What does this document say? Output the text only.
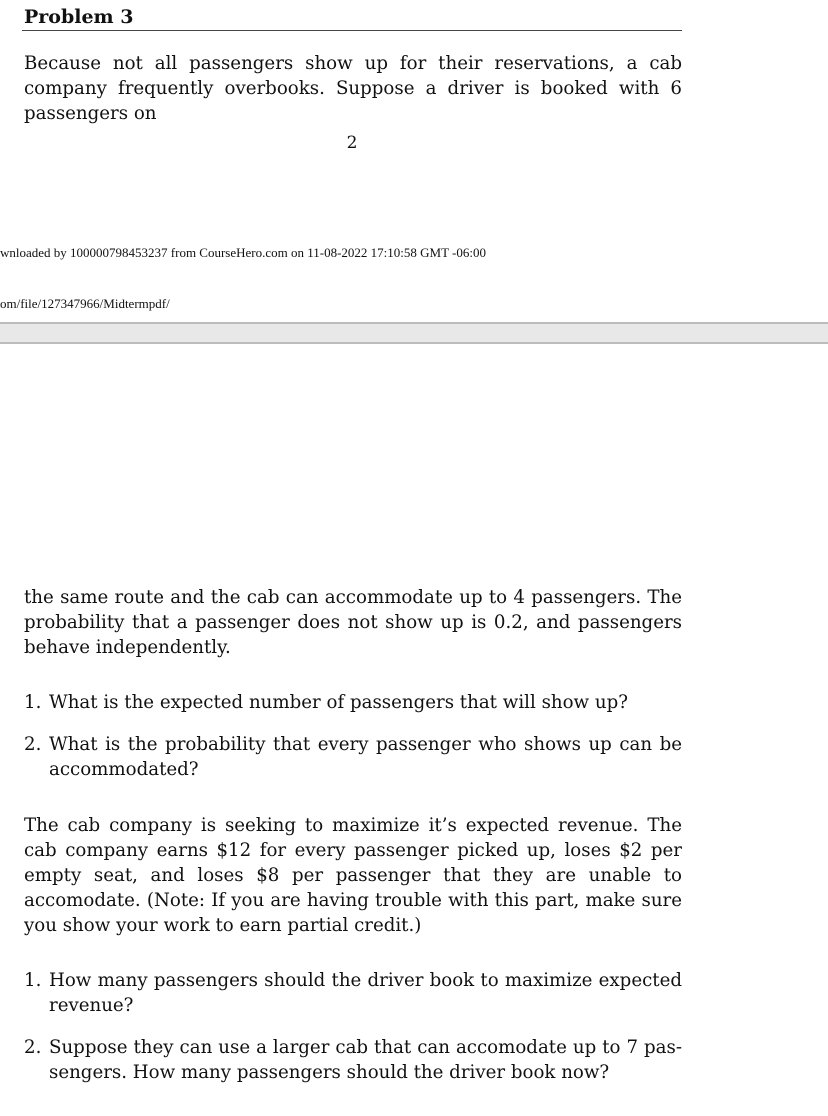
Problem 3

Because not all passengers show up for their reservations, a cab company frequently overbooks. Suppose a driver is booked with 6 passengers on

2
wnloaded by 100000798453237 from CourseHero.com on 11-08-2022 17:10:58 GMT -06:00
om/file/127347966/Midtermpdf/

the same route and the cab can accommodate up to 4 passengers. The probability that a passenger does not show up is 0.2, and passengers behave independently.

1. What is the expected number of passengers that will show up?
2. What is the probability that every passenger who shows up can be accommodated?

The cab company is seeking to maximize it’s expected revenue. The cab company earns $12 for every passenger picked up, loses $2 per empty seat, and loses $8 per passenger that they are unable to accomodate. (Note: If you are having trouble with this part, make sure you show your work to earn partial credit.)

1. How many passengers should the driver book to maximize expected revenue?
2. Suppose they can use a larger cab that can accomodate up to 7 pas- sengers. How many passengers should the driver book now?
